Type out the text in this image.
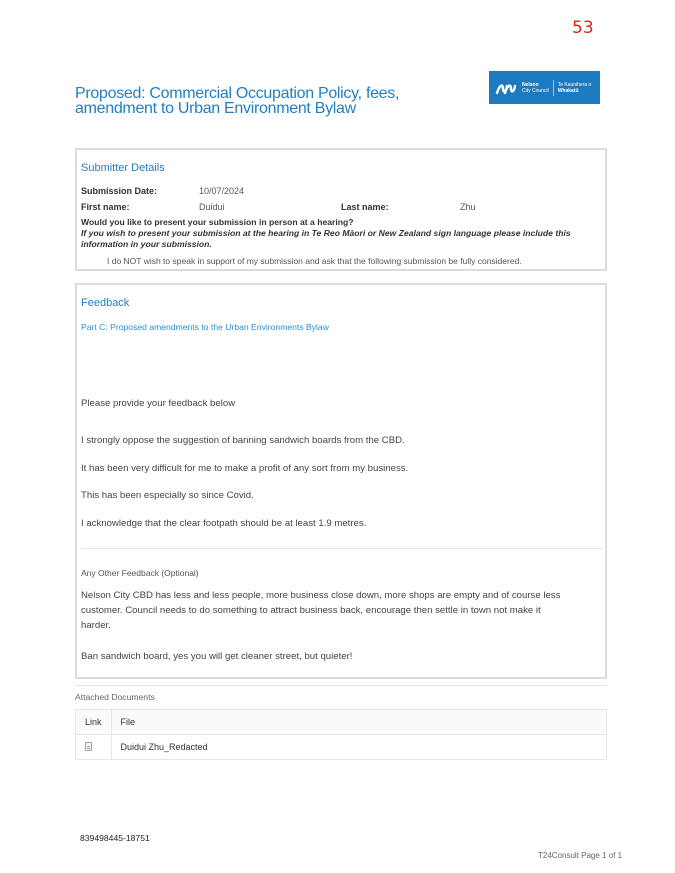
53
Proposed: Commercial Occupation Policy, fees, amendment to Urban Environment Bylaw
Nelson
City Council
Te Kaunihera o
Whakatū
Submitter Details
Submission Date:	10/07/2024
First name:	Duidui	Last name:	Zhu
Would you like to present your submission in person at a hearing?
If you wish to present your submission at the hearing in Te Reo Māori or New Zealand sign language please include this information in your submission.
I do NOT wish to speak in support of my submission and ask that the following submission be fully considered.
Feedback
Part C: Proposed amendments to the Urban Environments Bylaw
Please provide your feedback below
I strongly oppose the suggestion of banning sandwich boards from the CBD.
It has been very difficult for me to make a profit of any sort from my business.
This has been especially so since Covid.
I acknowledge that the clear footpath should be at least 1.9 metres.
Any Other Feedback (Optional)
Nelson City CBD has less and less people, more business close down, more shops are empty and of course less customer. Council needs to do something to attract business back, encourage then settle in town not make it harder.
Ban sandwich board, yes you will get cleaner street, but quieter!
Attached Documents
Link	File
	Duidui Zhu_Redacted
839498445-18751
T24Consult Page 1 of 1
